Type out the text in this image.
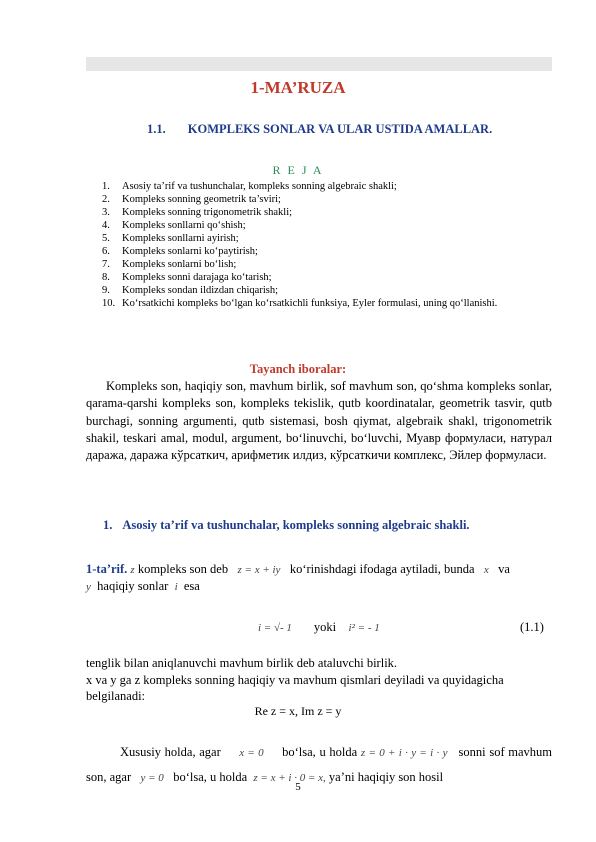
1-MA’RUZA
1.1. KOMPLEKS SONLAR VA ULAR USTIDA AMALLAR.
R E J A
1.	Asosiy ta’rif va tushunchalar, kompleks sonning algebraic shakli;
2.	Kompleks sonning geometrik ta’sviri;
3.	Kompleks sonning trigonometrik shakli;
4.	Kompleks sonllarni qo‘shish;
5.	Kompleks sonllarni ayirish;
6.	Kompleks sonlarni ko‘paytirish;
7.	Kompleks sonlarni bo‘lish;
8.	Kompleks sonni darajaga ko‘tarish;
9.	Kompleks sondan ildizdan chiqarish;
10. Ko‘rsatkichi kompleks bo‘lgan ko‘rsatkichli funksiya, Eyler formulasi, uning qo‘llanishi.
Tayanch iboralar:
Kompleks son, haqiqiy son, mavhum birlik, sof mavhum son, qo‘shma kompleks sonlar, qarama-qarshi kompleks son, kompleks tekislik, qutb koordinatalar, geometrik tasvir, qutb burchagi, sonning argumenti, qutb sistemasi, bosh qiymat, algebraik shakl, trigonometrik shakil, teskari amal, modul, argument, bo‘linuvchi, bo‘luvchi, Муавр формуласи, натурал даража, даража кўрсаткич, арифметик илдиз, кўрсаткичи комплекс, Эйлер формуласи.
1. Asosiy ta’rif va tushunchalar, kompleks sonning algebraic shakli.
1-ta’rif. z kompleks son deb z = x + iy ko‘rinishdagi ifodaga aytiladi, bunda x va
y haqiqiy sonlar i esa
i = √- 1 yoki i² = - 1	(1.1)
tenglik bilan aniqlanuvchi mavhum birlik deb ataluvchi birlik.
x va y ga z kompleks sonning haqiqiy va mavhum qismlari deyiladi va quyidagicha belgilanadi:
Re z = x, Im z = y
Xususiy holda, agar x = 0 bo‘lsa, u holda z = 0 + i · y = i · y sonni sof mavhum son, agar y = 0 bo‘lsa, u holda z = x + i · 0 = x, ya’ni haqiqiy son hosil
5
